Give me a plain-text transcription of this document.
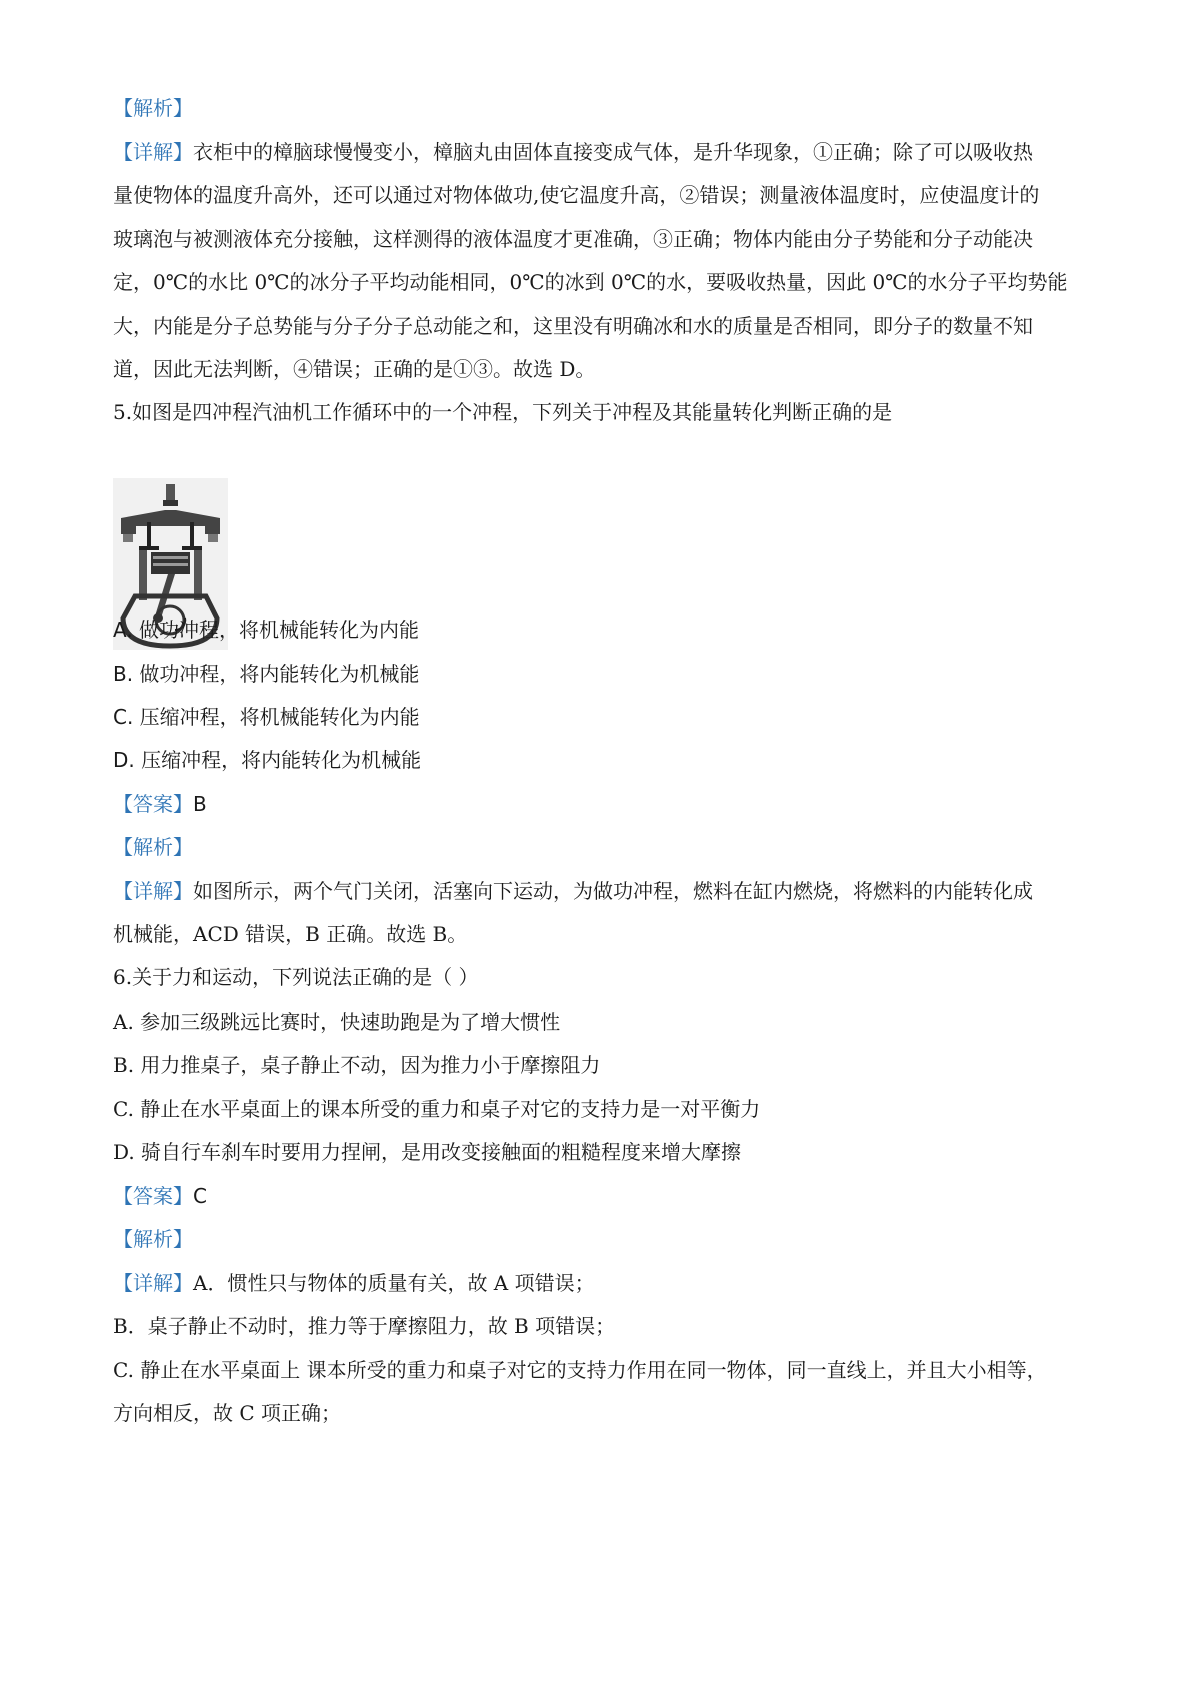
【解析】
【详解】衣柜中的樟脑球慢慢变小，樟脑丸由固体直接变成气体，是升华现象，①正确；除了可以吸收热
量使物体的温度升高外，还可以通过对物体做功,使它温度升高，②错误；测量液体温度时，应使温度计的
玻璃泡与被测液体充分接触，这样测得的液体温度才更准确，③正确；物体内能由分子势能和分子动能决
定，0℃的水比 0℃的冰分子平均动能相同，0℃的冰到 0℃的水，要吸收热量，因此 0℃的水分子平均势能
大，内能是分子总势能与分子分子总动能之和，这里没有明确冰和水的质量是否相同，即分子的数量不知
道，因此无法判断，④错误；正确的是①③。故选 D。
5.如图是四冲程汽油机工作循环中的一个冲程，下列关于冲程及其能量转化判断正确的是
A. 做功冲程，将机械能转化为内能
B. 做功冲程，将内能转化为机械能
C. 压缩冲程，将机械能转化为内能
D. 压缩冲程，将内能转化为机械能
【答案】B
【解析】
【详解】如图所示，两个气门关闭，活塞向下运动，为做功冲程，燃料在缸内燃烧，将燃料的内能转化成
机械能，ACD 错误，B 正确。故选 B。
6.关于力和运动，下列说法正确的是（ ）
A. 参加三级跳远比赛时，快速助跑是为了增大惯性
B. 用力推桌子，桌子静止不动，因为推力小于摩擦阻力
C. 静止在水平桌面上的课本所受的重力和桌子对它的支持力是一对平衡力
D. 骑自行车刹车时要用力捏闸，是用改变接触面的粗糙程度来增大摩擦
【答案】C
【解析】
【详解】A．惯性只与物体的质量有关，故 A 项错误；
B．桌子静止不动时，推力等于摩擦阻力，故 B 项错误；
C. 静止在水平桌面上 课本所受的重力和桌子对它的支持力作用在同一物体，同一直线上，并且大小相等，
方向相反，故 C 项正确；
